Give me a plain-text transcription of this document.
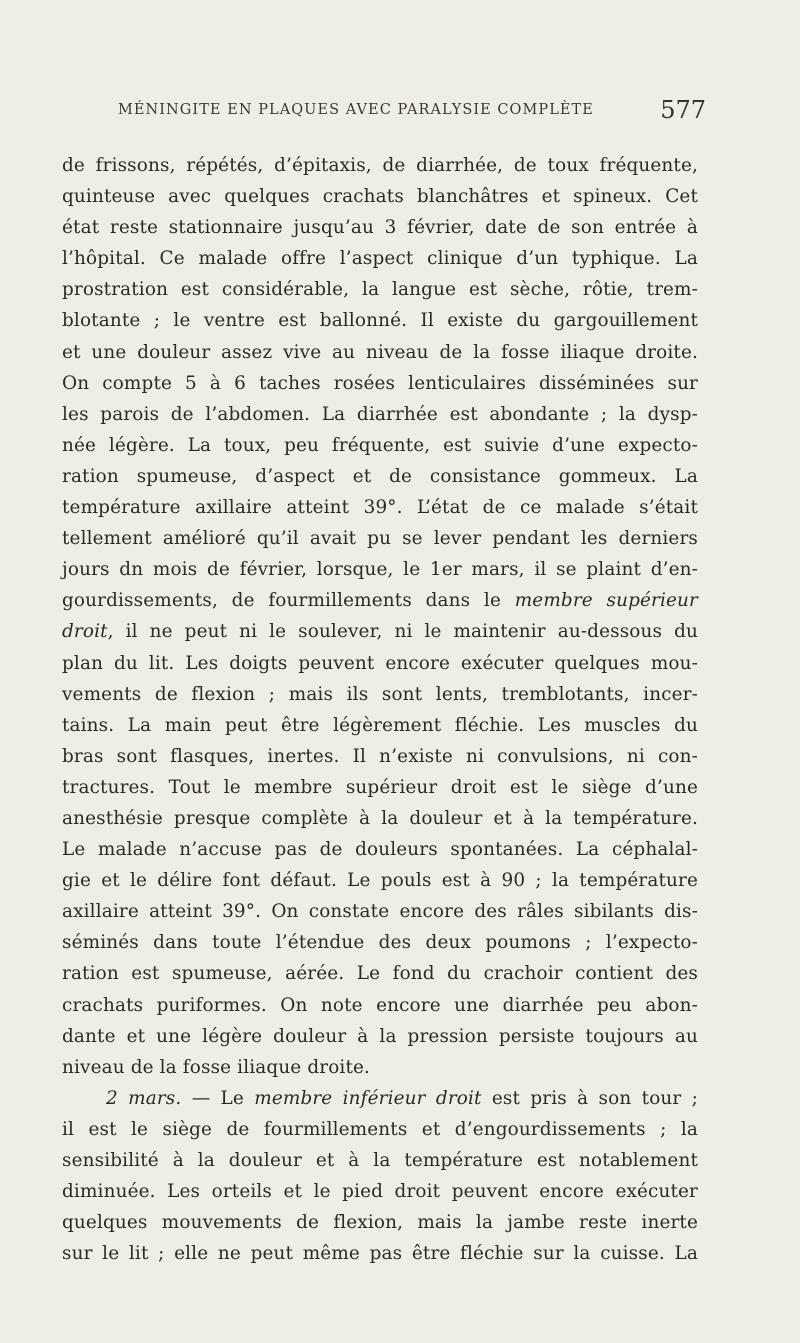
MÉNINGITE EN PLAQUES AVEC PARALYSIE COMPLÈTE	577
de frissons, répétés, d’épitaxis, de diarrhée, de toux fréquente,
quinteuse avec quelques crachats blanchâtres et spineux. Cet
état reste stationnaire jusqu’au 3 février, date de son entrée à
l’hôpital. Ce malade offre l’aspect clinique d’un typhique. La
prostration est considérable, la langue est sèche, rôtie, trem-
blotante ; le ventre est ballonné. Il existe du gargouillement
et une douleur assez vive au niveau de la fosse iliaque droite.
On compte 5 à 6 taches rosées lenticulaires disséminées sur
les parois de l’abdomen. La diarrhée est abondante ; la dysp-
née légère. La toux, peu fréquente, est suivie d’une expecto-
ration spumeuse, d’aspect et de consistance gommeux. La
température axillaire atteint 39°. L’état de ce malade s’était
tellement amélioré qu’il avait pu se lever pendant les derniers
jours dn mois de février, lorsque, le 1er mars, il se plaint d’en-
gourdissements, de fourmillements dans le membre supérieur
droit, il ne peut ni le soulever, ni le maintenir au-dessous du
plan du lit. Les doigts peuvent encore exécuter quelques mou-
vements de flexion ; mais ils sont lents, tremblotants, incer-
tains. La main peut être légèrement fléchie. Les muscles du
bras sont flasques, inertes. Il n’existe ni convulsions, ni con-
tractures. Tout le membre supérieur droit est le siège d’une
anesthésie presque complète à la douleur et à la température.
Le malade n’accuse pas de douleurs spontanées. La céphalal-
gie et le délire font défaut. Le pouls est à 90 ; la température
axillaire atteint 39°. On constate encore des râles sibilants dis-
séminés dans toute l’étendue des deux poumons ; l’expecto-
ration est spumeuse, aérée. Le fond du crachoir contient des
crachats puriformes. On note encore une diarrhée peu abon-
dante et une légère douleur à la pression persiste toujours au
niveau de la fosse iliaque droite.
2 mars. — Le membre inférieur droit est pris à son tour ;
il est le siège de fourmillements et d’engourdissements ; la
sensibilité à la douleur et à la température est notablement
diminuée. Les orteils et le pied droit peuvent encore exécuter
quelques mouvements de flexion, mais la jambe reste inerte
sur le lit ; elle ne peut même pas être fléchie sur la cuisse. La
